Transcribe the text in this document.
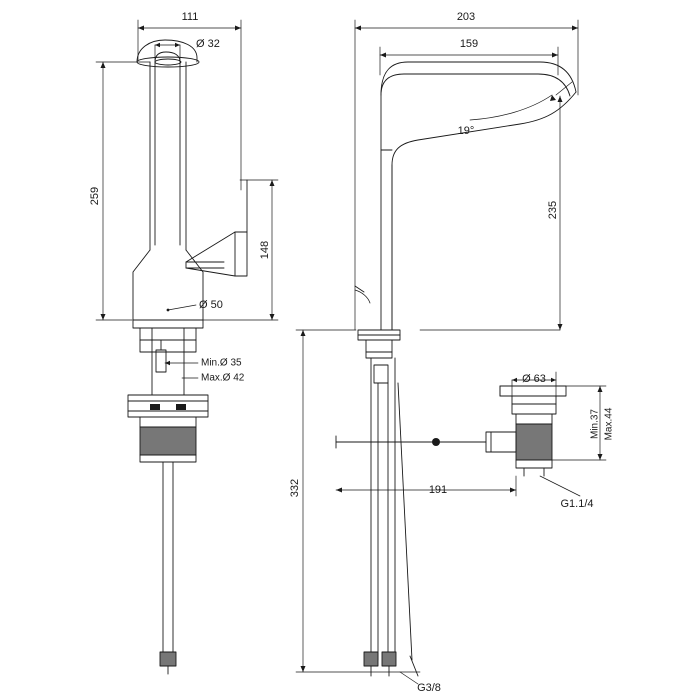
111
Ø 32
259
148
Ø 50
Min.Ø 35
Max.Ø 42
203
159
19°
235
332
Ø 63
Min.37 Max.44
191
G1.1/4
G3/8
